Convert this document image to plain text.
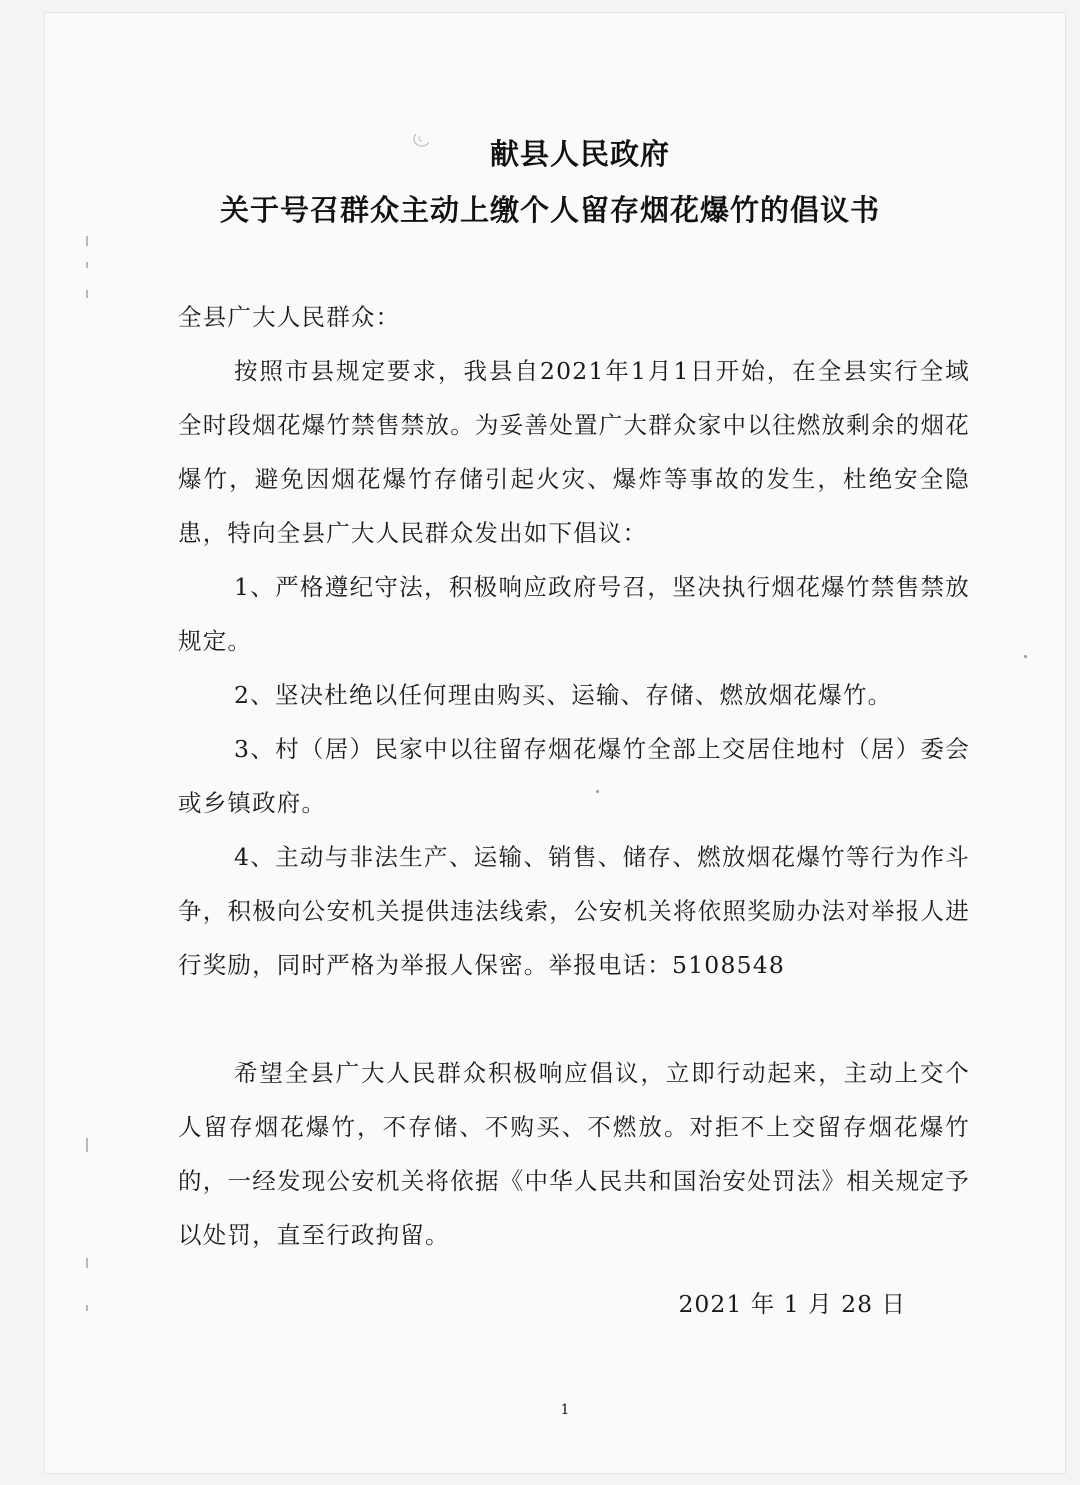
献县人民政府
关于号召群众主动上缴个人留存烟花爆竹的倡议书

全县广大人民群众：

按照市县规定要求，我县自2021年1月1日开始，在全县实行全域全时段烟花爆竹禁售禁放。为妥善处置广大群众家中以往燃放剩余的烟花爆竹，避免因烟花爆竹存储引起火灾、爆炸等事故的发生，杜绝安全隐患，特向全县广大人民群众发出如下倡议：

1、严格遵纪守法，积极响应政府号召，坚决执行烟花爆竹禁售禁放规定。

2、坚决杜绝以任何理由购买、运输、存储、燃放烟花爆竹。

3、村（居）民家中以往留存烟花爆竹全部上交居住地村（居）委会或乡镇政府。

4、主动与非法生产、运输、销售、储存、燃放烟花爆竹等行为作斗争，积极向公安机关提供违法线索，公安机关将依照奖励办法对举报人进行奖励，同时严格为举报人保密。举报电话：5108548

希望全县广大人民群众积极响应倡议，立即行动起来，主动上交个人留存烟花爆竹，不存储、不购买、不燃放。对拒不上交留存烟花爆竹的，一经发现公安机关将依据《中华人民共和国治安处罚法》相关规定予以处罚，直至行政拘留。

2021 年 1 月 28 日

1
